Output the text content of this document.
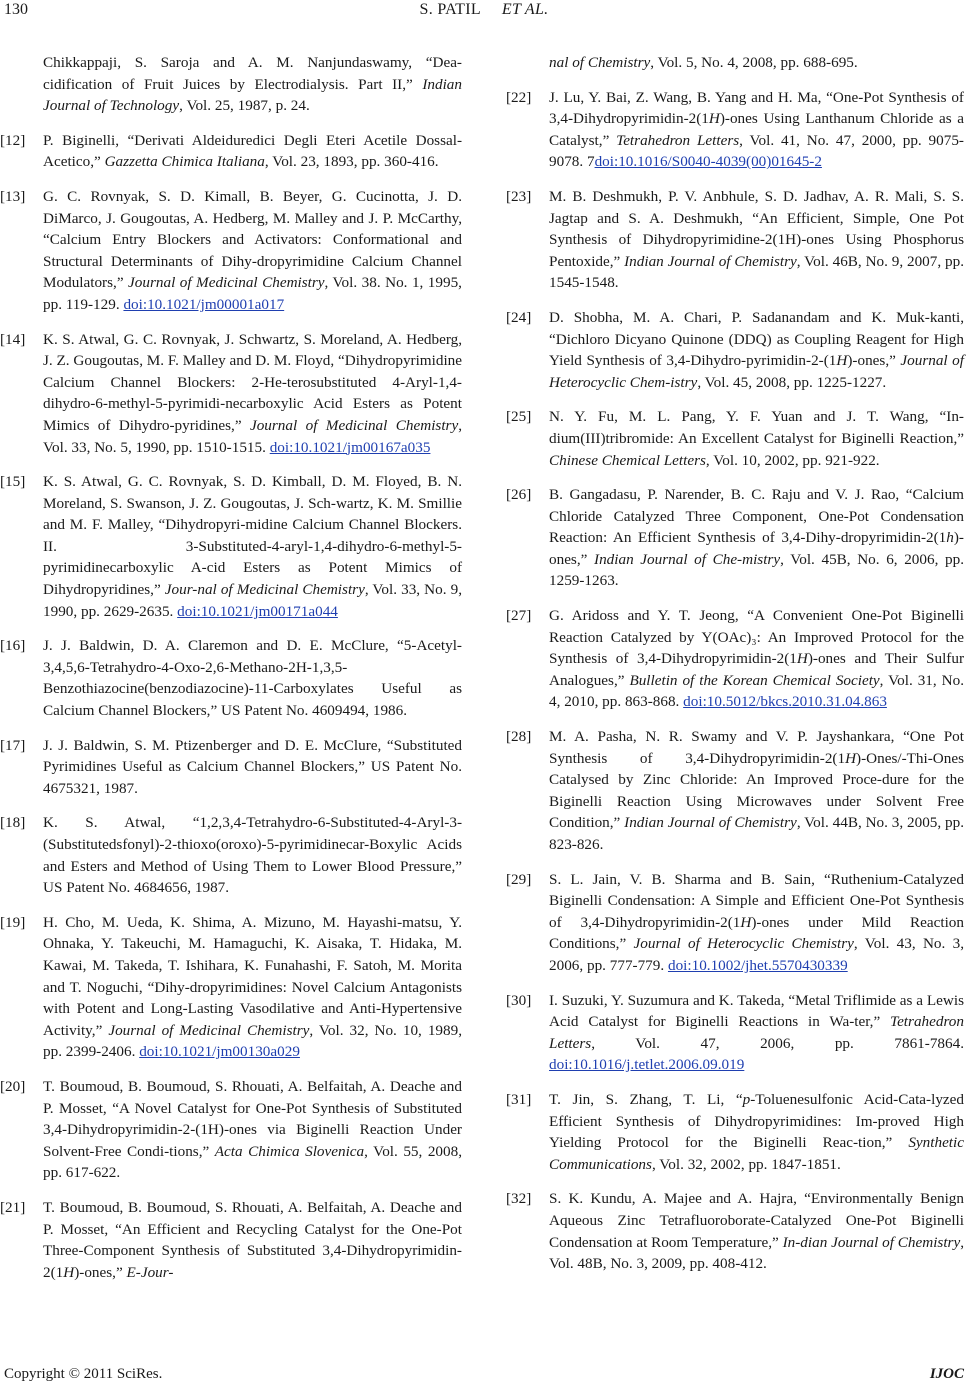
130	S. PATIL ET AL.
Chikkappaji, S. Saroja and A. M. Nanjundaswamy, “Dea-cidification of Fruit Juices by Electrodialysis. Part II,” Indian Journal of Technology, Vol. 25, 1987, p. 24.
[12] P. Biginelli, “Derivati Aldeiduredici Degli Eteri Acetile Dossal-Acetico,” Gazzetta Chimica Italiana, Vol. 23, 1893, pp. 360-416.
[13] G. C. Rovnyak, S. D. Kimall, B. Beyer, G. Cucinotta, J. D. DiMarco, J. Gougoutas, A. Hedberg, M. Malley and J. P. McCarthy, “Calcium Entry Blockers and Activators: Conformational and Structural Determinants of Dihy-dropyrimidine Calcium Channel Modulators,” Journal of Medicinal Chemistry, Vol. 38. No. 1, 1995, pp. 119-129. doi:10.1021/jm00001a017
[14] K. S. Atwal, G. C. Rovnyak, J. Schwartz, S. Moreland, A. Hedberg, J. Z. Gougoutas, M. F. Malley and D. M. Floyd, “Dihydropyrimidine Calcium Channel Blockers: 2-He-terosubstituted 4-Aryl-1,4-dihydro-6-methyl-5-pyrimidi-necarboxylic Acid Esters as Potent Mimics of Dihydro-pyridines,” Journal of Medicinal Chemistry, Vol. 33, No. 5, 1990, pp. 1510-1515. doi:10.1021/jm00167a035
[15] K. S. Atwal, G. C. Rovnyak, S. D. Kimball, D. M. Floyed, B. N. Moreland, S. Swanson, J. Z. Gougoutas, J. Sch-wartz, K. M. Smillie and M. F. Malley, “Dihydropyri-midine Calcium Channel Blockers. II. 3-Substituted-4-aryl-1,4-dihydro-6-methyl-5-pyrimidinecarboxylic A-cid Esters as Potent Mimics of Dihydropyridines,” Jour-nal of Medicinal Chemistry, Vol. 33, No. 9, 1990, pp. 2629-2635. doi:10.1021/jm00171a044
[16] J. J. Baldwin, D. A. Claremon and D. E. McClure, “5-Acetyl-3,4,5,6-Tetrahydro-4-Oxo-2,6-Methano-2H-1,3,5-Benzothiazocine(benzodiazocine)-11-Carboxylates Useful as Calcium Channel Blockers,” US Patent No. 4609494, 1986.
[17] J. J. Baldwin, S. M. Ptizenberger and D. E. McClure, “Substituted Pyrimidines Useful as Calcium Channel Blockers,” US Patent No. 4675321, 1987.
[18] K. S. Atwal, “1,2,3,4-Tetrahydro-6-Substituted-4-Aryl-3-(Substitutedsfonyl)-2-thioxo(oroxo)-5-pyrimidinecar-Boxylic Acids and Esters and Method of Using Them to Lower Blood Pressure,” US Patent No. 4684656, 1987.
[19] H. Cho, M. Ueda, K. Shima, A. Mizuno, M. Hayashi-matsu, Y. Ohnaka, Y. Takeuchi, M. Hamaguchi, K. Aisaka, T. Hidaka, M. Kawai, M. Takeda, T. Ishihara, K. Funahashi, F. Satoh, M. Morita and T. Noguchi, “Dihy-dropyrimidines: Novel Calcium Antagonists with Potent and Long-Lasting Vasodilative and Anti-Hypertensive Activity,” Journal of Medicinal Chemistry, Vol. 32, No. 10, 1989, pp. 2399-2406. doi:10.1021/jm00130a029
[20] T. Boumoud, B. Boumoud, S. Rhouati, A. Belfaitah, A. Deache and P. Mosset, “A Novel Catalyst for One-Pot Synthesis of Substituted 3,4-Dihydropyrimidin-2-(1H)-ones via Biginelli Reaction Under Solvent-Free Condi-tions,” Acta Chimica Slovenica, Vol. 55, 2008, pp. 617-622.
[21] T. Boumoud, B. Boumoud, S. Rhouati, A. Belfaitah, A. Deache and P. Mosset, “An Efficient and Recycling Catalyst for the One-Pot Three-Component Synthesis of Substituted 3,4-Dihydropyrimidin-2(1H)-ones,” E-Jour-
nal of Chemistry, Vol. 5, No. 4, 2008, pp. 688-695.
[22] J. Lu, Y. Bai, Z. Wang, B. Yang and H. Ma, “One-Pot Synthesis of 3,4-Dihydropyrimidin-2(1H)-ones Using Lanthanum Chloride as a Catalyst,” Tetrahedron Letters, Vol. 41, No. 47, 2000, pp. 9075-9078. 7doi:10.1016/S0040-4039(00)01645-2
[23] M. B. Deshmukh, P. V. Anbhule, S. D. Jadhav, A. R. Mali, S. S. Jagtap and S. A. Deshmukh, “An Efficient, Simple, One Pot Synthesis of Dihydropyrimidine-2(1H)-ones Using Phosphorus Pentoxide,” Indian Journal of Chemistry, Vol. 46B, No. 9, 2007, pp. 1545-1548.
[24] D. Shobha, M. A. Chari, P. Sadanandam and K. Muk-kanti, “Dichloro Dicyano Quinone (DDQ) as Coupling Reagent for High Yield Synthesis of 3,4-Dihydro-pyrimidin-2-(1H)-ones,” Journal of Heterocyclic Chem-istry, Vol. 45, 2008, pp. 1225-1227.
[25] N. Y. Fu, M. L. Pang, Y. F. Yuan and J. T. Wang, “In-dium(III)tribromide: An Excellent Catalyst for Biginelli Reaction,” Chinese Chemical Letters, Vol. 10, 2002, pp. 921-922.
[26] B. Gangadasu, P. Narender, B. C. Raju and V. J. Rao, “Calcium Chloride Catalyzed Three Component, One-Pot Condensation Reaction: An Efficient Synthesis of 3,4-Dihy-dropyrimidin-2(1h)-ones,” Indian Journal of Che-mistry, Vol. 45B, No. 6, 2006, pp. 1259-1263.
[27] G. Aridoss and Y. T. Jeong, “A Convenient One-Pot Biginelli Reaction Catalyzed by Y(OAc)₃: An Improved Protocol for the Synthesis of 3,4-Dihydropyrimidin-2(1H)-ones and Their Sulfur Analogues,” Bulletin of the Korean Chemical Society, Vol. 31, No. 4, 2010, pp. 863-868. doi:10.5012/bkcs.2010.31.04.863
[28] M. A. Pasha, N. R. Swamy and V. P. Jayshankara, “One Pot Synthesis of 3,4-Dihydropyrimidin-2(1H)-Ones/-Thi-Ones Catalysed by Zinc Chloride: An Improved Proce-dure for the Biginelli Reaction Using Microwaves under Solvent Free Condition,” Indian Journal of Chemistry, Vol. 44B, No. 3, 2005, pp. 823-826.
[29] S. L. Jain, V. B. Sharma and B. Sain, “Ruthenium-Catalyzed Biginelli Condensation: A Simple and Efficient One-Pot Synthesis of 3,4-Dihydropyrimidin-2(1H)-ones under Mild Reaction Conditions,” Journal of Heterocyclic Chemistry, Vol. 43, No. 3, 2006, pp. 777-779. doi:10.1002/jhet.5570430339
[30] I. Suzuki, Y. Suzumura and K. Takeda, “Metal Triflimide as a Lewis Acid Catalyst for Biginelli Reactions in Wa-ter,” Tetrahedron Letters, Vol. 47, 2006, pp. 7861-7864. doi:10.1016/j.tetlet.2006.09.019
[31] T. Jin, S. Zhang, T. Li, “p-Toluenesulfonic Acid-Cata-lyzed Efficient Synthesis of Dihydropyrimidines: Im-proved High Yielding Protocol for the Biginelli Reac-tion,” Synthetic Communications, Vol. 32, 2002, pp. 1847-1851.
[32] S. K. Kundu, A. Majee and A. Hajra, “Environmentally Benign Aqueous Zinc Tetrafluoroborate-Catalyzed One-Pot Biginelli Condensation at Room Temperature,” In-dian Journal of Chemistry, Vol. 48B, No. 3, 2009, pp. 408-412.
Copyright © 2011 SciRes.	IJOC
